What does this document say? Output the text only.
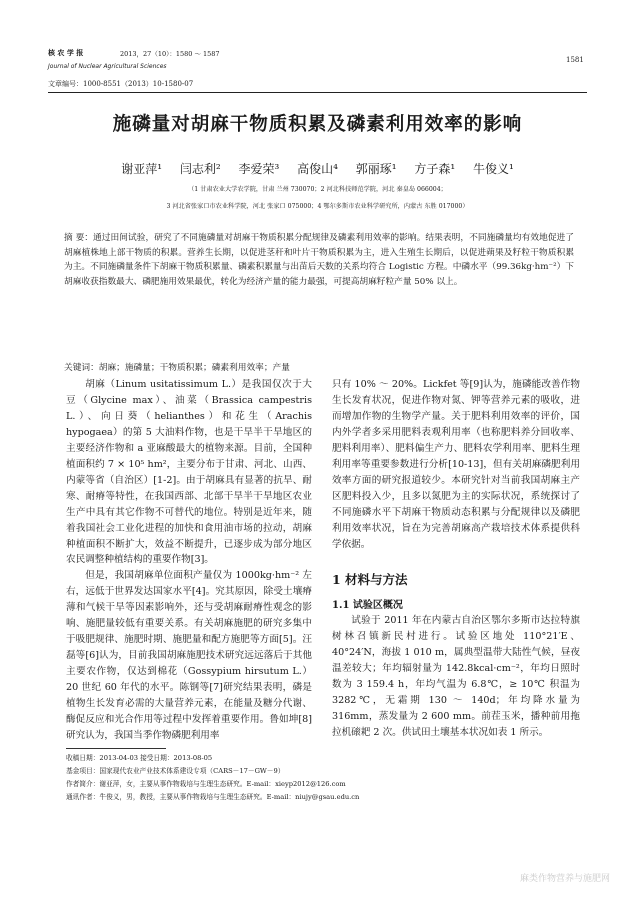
核 农 学 报	2013，27（10）：1580 ～ 1587
Journal of Nuclear Agricultural Sciences
1581
文章编号：1000-8551（2013）10-1580-07
施磷量对胡麻干物质积累及磷素利用效率的影响
谢亚萍¹ 闫志利² 李爱荣³ 高俊山⁴ 郭丽琢¹ 方子森¹ 牛俊义¹
（1 甘肃农业大学农学院，甘肃 兰州 730070；2 河北科技师范学院，河北 秦皇岛 066004；
3 河北省张家口市农业科学院，河北 张家口 075000；4 鄂尔多斯市农业科学研究所，内蒙古 东胜 017000）
摘 要：通过田间试验，研究了不同施磷量对胡麻干物质积累分配规律及磷素利用效率的影响。结果表明，不同施磷量均有效地促进了胡麻植株地上部干物质的积累。营养生长期，以促进茎秆和叶片干物质积累为主，进入生殖生长期后，以促进蒴果及籽粒干物质积累为主。不同施磷量条件下胡麻干物质积累量、磷素积累量与出苗后天数的关系均符合 Logistic 方程。中磷水平（99.36kg·hm⁻²）下胡麻收获指数最大、磷肥施用效果最优，转化为经济产量的能力最强，可提高胡麻籽粒产量 50% 以上。
关键词：胡麻；施磷量；干物质积累；磷素利用效率；产量

胡麻（Linum usitatissimum L.）是我国仅次于大豆（Glycine max）、油菜（Brassica campestris L.）、向日葵（helianthes）和花生（Arachis hypogaea）的第 5 大油料作物，也是干旱半干旱地区的主要经济作物和 a 亚麻酸最大的植物来源。目前，全国种植面积约 7 × 10⁵ hm²，主要分布于甘肃、河北、山西、内蒙等省（自治区）[1-2]。由于胡麻具有显著的抗旱、耐寒、耐瘠等特性，在我国西部、北部干旱半干旱地区农业生产中具有其它作物不可替代的地位。特别是近年来，随着我国社会工业化进程的加快和食用油市场的拉动，胡麻种植面积不断扩大，效益不断提升，已逐步成为部分地区农民调整种植结构的重要作物[3]。

但是，我国胡麻单位面积产量仅为 1000kg·hm⁻² 左右，远低于世界发达国家水平[4]。究其原因，除受土壤瘠薄和气候干旱等因素影响外，还与受胡麻耐瘠性观念的影响、施肥量较低有重要关系。有关胡麻施肥的研究多集中于吸肥规律、施肥时期、施肥量和配方施肥等方面[5]。汪磊等[6]认为，目前我国胡麻施肥技术研究远远落后于其他主要农作物，仅达到棉花（Gossypium hirsutum L.）20 世纪 60 年代的水平。陈钢等[7]研究结果表明，磷是植物生长发育必需的大量营养元素，在能量及糖分代谢、酶促反应和光合作用等过程中发挥着重要作用。鲁如坤[8]研究认为，我国当季作物磷肥利用率

只有 10% ～ 20%。Lickfet 等[9]认为，施磷能改善作物生长发育状况，促进作物对氮、钾等营养元素的吸收，进而增加作物的生物学产量。关于肥料利用效率的评价，国内外学者多采用肥料表观利用率（也称肥料养分回收率、肥料利用率）、肥料偏生产力、肥料农学利用率、肥料生理利用率等重要参数进行分析[10-13]，但有关胡麻磷肥利用效率方面的研究报道较少。本研究针对当前我国胡麻主产区肥料投入少，且多以氮肥为主的实际状况，系统探讨了不同施磷水平下胡麻干物质动态积累与分配规律以及磷肥利用效率状况，旨在为完善胡麻高产栽培技术体系提供科学依据。

1 材料与方法
1.1 试验区概况

试验于 2011 年在内蒙古自治区鄂尔多斯市达拉特旗树林召镇新民村进行。试验区地处 110°21′E、40°24′N，海拔 1 010 m，属典型温带大陆性气候，昼夜温差较大；年均辐射量为 142.8kcal·cm⁻²，年均日照时数为 3 159.4 h，年均气温为 6.8℃，≥ 10℃ 积温为 3282℃，无霜期 130 ～ 140d；年均降水量为 316mm，蒸发量为 2 600 mm。前茬玉米，播种前用拖拉机磙耙 2 次。供试田土壤基本状况如表 1 所示。

收稿日期：2013-04-03 接受日期：2013-08-05
基金项目：国家现代农业产业技术体系建设专项（CARS－17－GW－9）
作者简介：谢亚萍，女，主要从事作物栽培与生理生态研究。E-mail：xieyp2012@126.com
通讯作者：牛俊义，男，教授，主要从事作物栽培与生理生态研究。E-mail：niujy@gsau.edu.cn
麻类作物营养与施肥网
